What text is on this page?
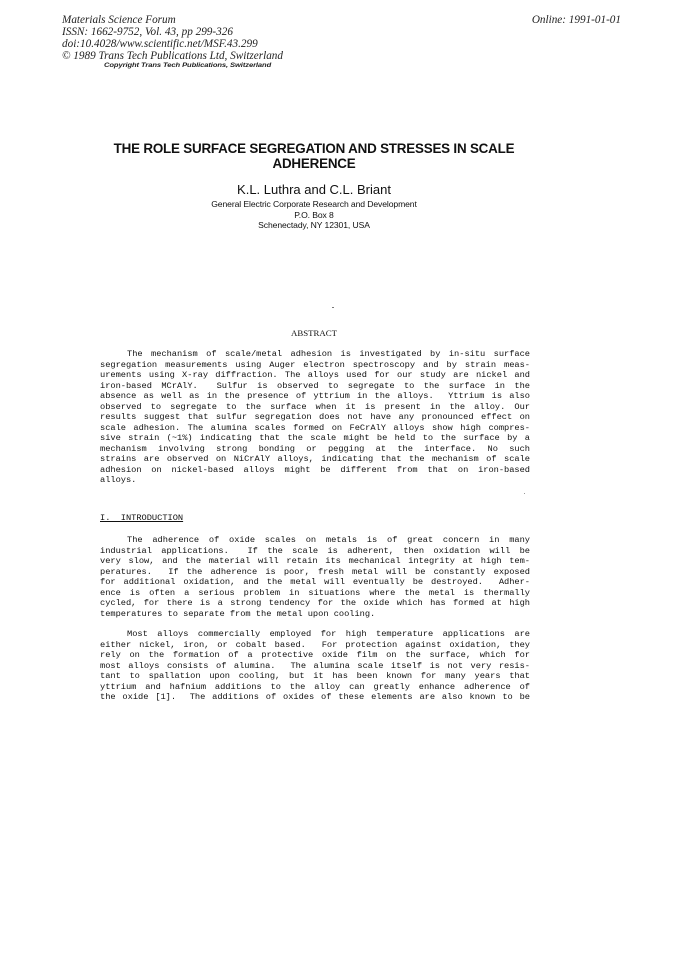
Materials Science Forum
ISSN: 1662-9752, Vol. 43, pp 299-326
doi:10.4028/www.scientific.net/MSF.43.299
© 1989 Trans Tech Publications Ltd, Switzerland
Online: 1991-01-01
Copyright Trans Tech Publications, Switzerland

THE ROLE SURFACE SEGREGATION AND STRESSES IN SCALE
ADHERENCE

K.L. Luthra and C.L. Briant
General Electric Corporate Research and Development
P.O. Box 8
Schenectady, NY 12301, USA
ABSTRACT
The mechanism of scale/metal adhesion is investigated by in-situ surface
segregation measurements using Auger electron spectroscopy and by strain meas-
urements using X-ray diffraction. The alloys used for our study are nickel and
iron-based MCrAlY.  Sulfur is observed to segregate to the surface in the
absence as well as in the presence of yttrium in the alloys.  Yttrium is also
observed to segregate to the surface when it is present in the alloy. Our
results suggest that sulfur segregation does not have any pronounced effect on
scale adhesion. The alumina scales formed on FeCrAlY alloys show high compres-
sive strain (~1%) indicating that the scale might be held to the surface by a
mechanism involving strong bonding or pegging at the interface. No such
strains are observed on NiCrAlY alloys, indicating that the mechanism of scale
adhesion on nickel-based alloys might be different from that on iron-based
alloys.
I.  INTRODUCTION
The adherence of oxide scales on metals is of great concern in many
industrial applications.  If the scale is adherent, then oxidation will be
very slow, and the material will retain its mechanical integrity at high tem-
peratures.  If the adherence is poor, fresh metal will be constantly exposed
for additional oxidation, and the metal will eventually be destroyed.  Adher-
ence is often a serious problem in situations where the metal is thermally
cycled, for there is a strong tendency for the oxide which has formed at high
temperatures to separate from the metal upon cooling.
Most alloys commercially employed for high temperature applications are
either nickel, iron, or cobalt based.  For protection against oxidation, they
rely on the formation of a protective oxide film on the surface, which for
most alloys consists of alumina.  The alumina scale itself is not very resis-
tant to spallation upon cooling, but it has been known for many years that
yttrium and hafnium additions to the alloy can greatly enhance adherence of
the oxide [1].  The additions of oxides of these elements are also known to be
